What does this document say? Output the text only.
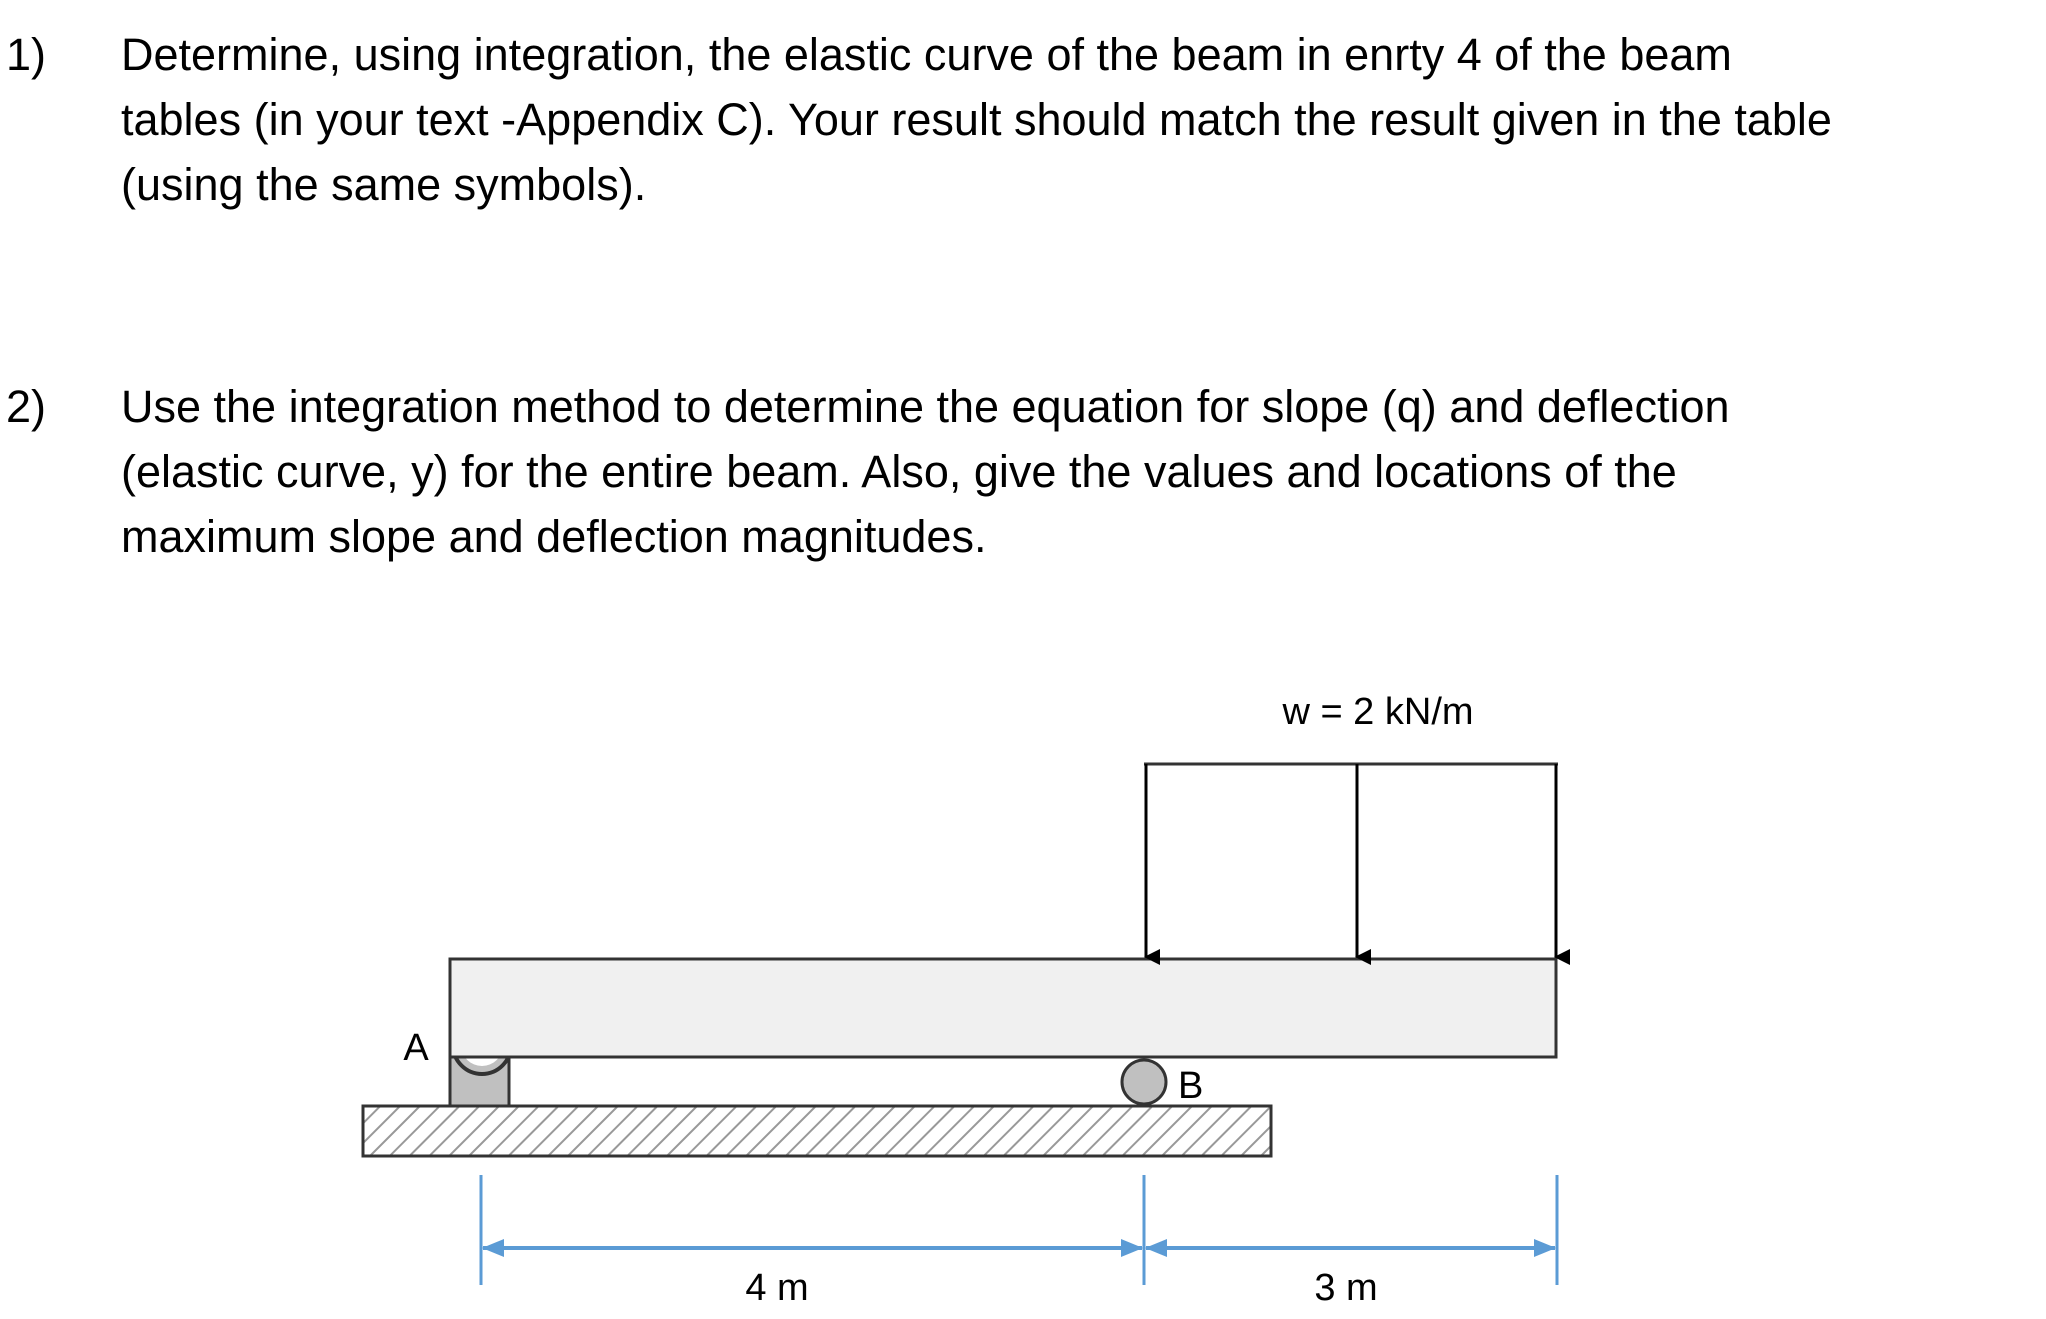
1) Determine, using integration, the elastic curve of the beam in enrty 4 of the beam
tables (in your text -Appendix C). Your result should match the result given in the table
(using the same symbols).
2) Use the integration method to determine the equation for slope (q) and deflection
(elastic curve, y) for the entire beam. Also, give the values and locations of the
maximum slope and deflection magnitudes.
w = 2 kN/m
A
B
4 m	3 m
